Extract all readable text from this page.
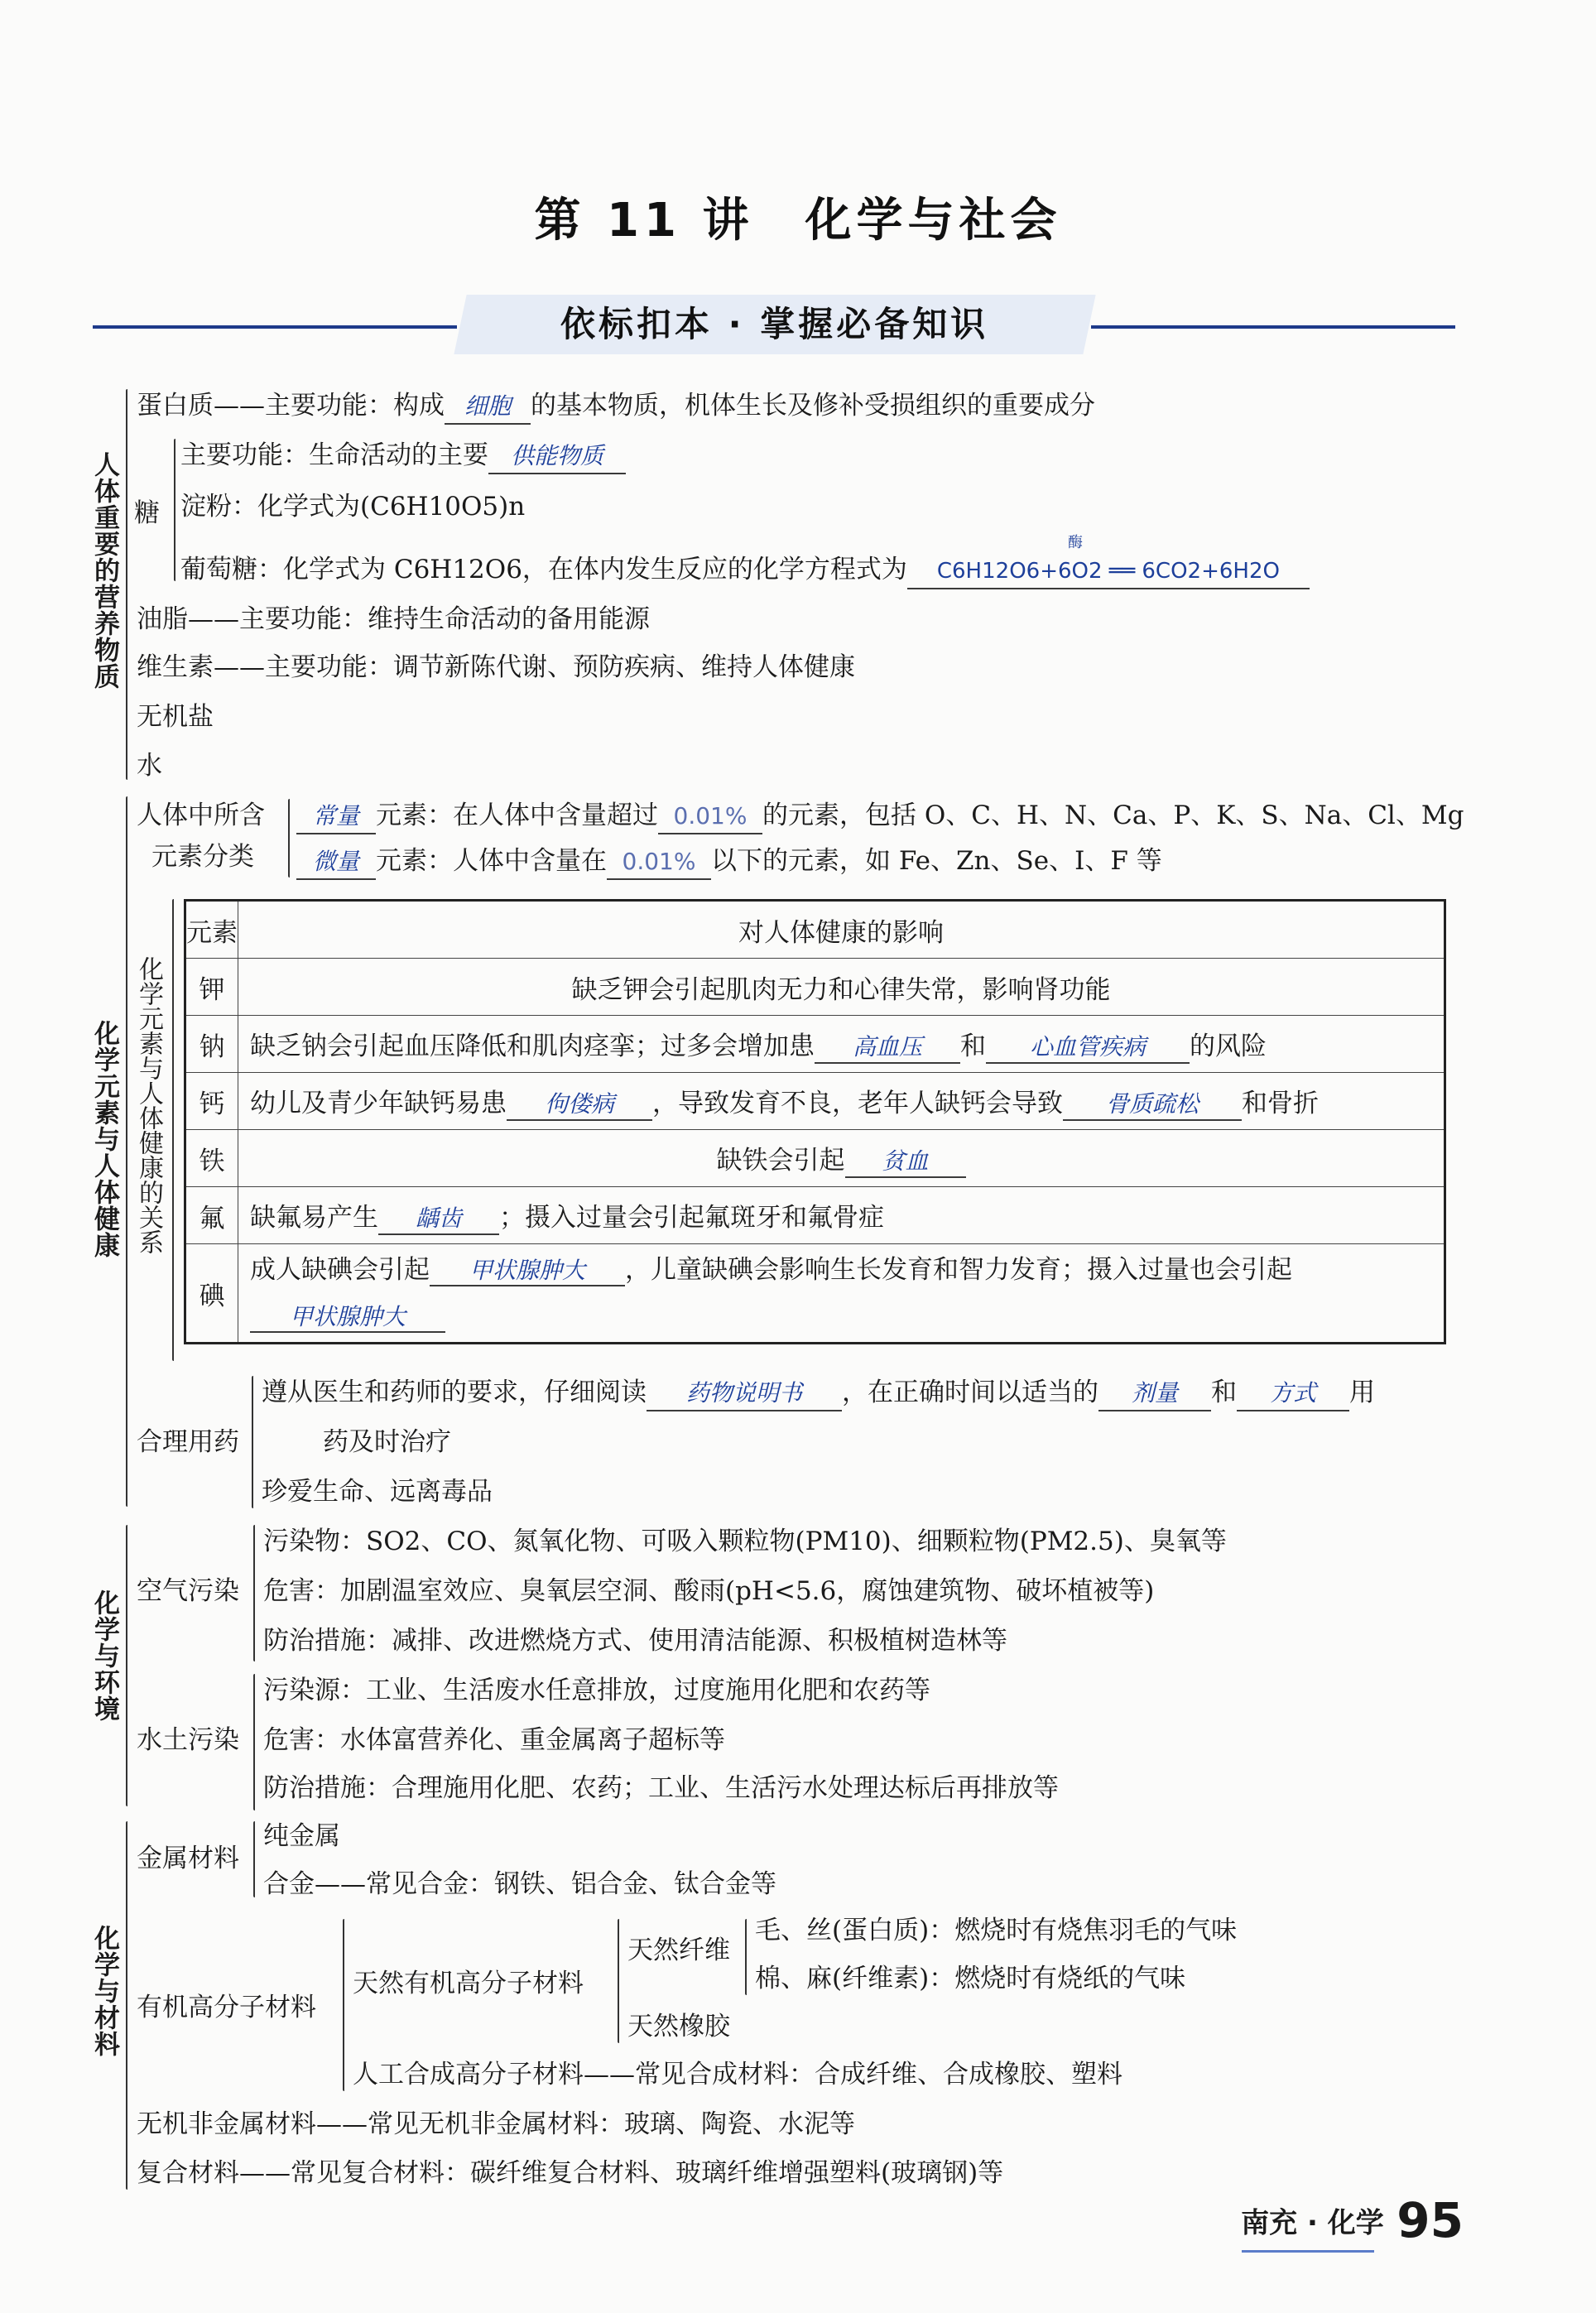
第 11 讲　化学与社会
依标扣本 · 掌握必备知识
人体重要的营养物质
蛋白质——主要功能：构成 细胞 的基本物质，机体生长及修补受损组织的重要成分
糖
主要功能：生命活动的主要 供能物质
淀粉：化学式为(C6H10O5)n
葡萄糖：化学式为 C6H12O6，在体内发生反应的化学方程式为 C6H12O6+6O2 ══ 6CO2+6H2O
酶
油脂——主要功能：维持生命活动的备用能源
维生素——主要功能：调节新陈代谢、预防疾病、维持人体健康
无机盐
水
化学元素与人体健康
人体中所含
元素分类
常量 元素：在人体中含量超过 0.01% 的元素，包括 O、C、H、N、Ca、P、K、S、Na、Cl、Mg
微量 元素：人体中含量在 0.01% 以下的元素，如 Fe、Zn、Se、I、F 等
化学元素与人体健康的关系
元素	对人体健康的影响
钾	缺乏钾会引起肌肉无力和心律失常，影响肾功能
钠	缺乏钠会引起血压降低和肌肉痉挛；过多会增加患 高血压 和 心血管疾病 的风险
钙	幼儿及青少年缺钙易患 佝偻病 ，导致发育不良，老年人缺钙会导致 骨质疏松 和骨折
铁	缺铁会引起 贫血
氟	缺氟易产生 龋齿 ；摄入过量会引起氟斑牙和氟骨症
碘	成人缺碘会引起 甲状腺肿大 ，儿童缺碘会影响生长发育和智力发育；摄入过量也会引起
甲状腺肿大
合理用药
遵从医生和药师的要求，仔细阅读 药物说明书 ，在正确时间以适当的 剂量 和 方式 用
药及时治疗
珍爱生命、远离毒品
化学与环境 空气污染
污染物：SO2、CO、氮氧化物、可吸入颗粒物(PM10)、细颗粒物(PM2.5)、臭氧等
危害：加剧温室效应、臭氧层空洞、酸雨(pH<5.6，腐蚀建筑物、破坏植被等)
防治措施：减排、改进燃烧方式、使用清洁能源、积极植树造林等
水土污染
污染源：工业、生活废水任意排放，过度施用化肥和农药等
危害：水体富营养化、重金属离子超标等
防治措施：合理施用化肥、农药；工业、生活污水处理达标后再排放等
化学与材料
金属材料
纯金属
合金——常见合金：钢铁、铝合金、钛合金等
有机高分子材料
天然有机高分子材料
天然纤维
毛、丝(蛋白质)：燃烧时有烧焦羽毛的气味
棉、麻(纤维素)：燃烧时有烧纸的气味
天然橡胶
人工合成高分子材料——常见合成材料：合成纤维、合成橡胶、塑料
无机非金属材料——常见无机非金属材料：玻璃、陶瓷、水泥等
复合材料——常见复合材料：碳纤维复合材料、玻璃纤维增强塑料(玻璃钢)等
南充 · 化学 95
